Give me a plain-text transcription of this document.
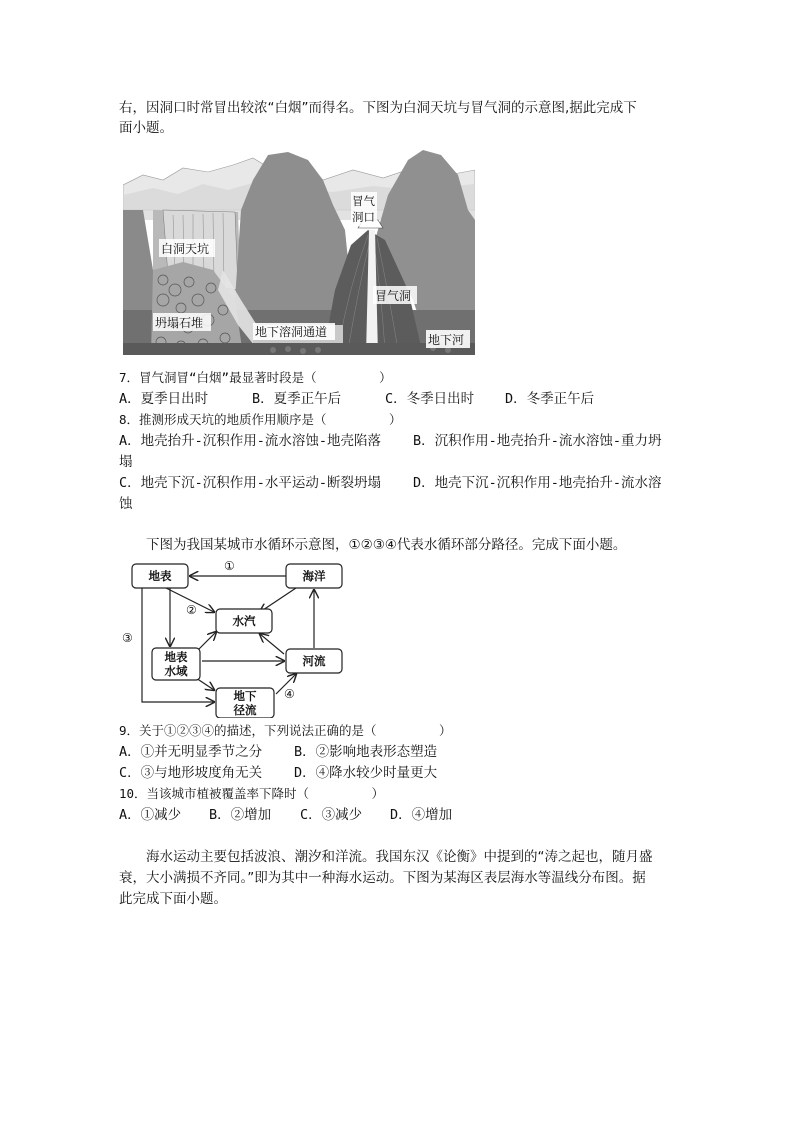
右，因洞口时常冒出较浓“白烟”而得名。下图为白洞天坑与冒气洞的示意图,据此完成下
面小题。
白洞天坑
冒气
洞口
冒气洞
坍塌石堆
地下溶洞通道
地下河
7．冒气洞冒“白烟”最显著时段是（　　　　　）
A．夏季日出时	B．夏季正午后	C．冬季日出时 D．冬季正午后
8．推测形成天坑的地质作用顺序是（　　　　　）
A．地壳抬升-沉积作用-流水溶蚀-地壳陷落 B．沉积作用-地壳抬升-流水溶蚀-重力坍
塌
C．地壳下沉-沉积作用-水平运动-断裂坍塌 D．地壳下沉-沉积作用-地壳抬升-流水溶
蚀
下图为我国某城市水循环示意图，①②③④代表水循环部分路径。完成下面小题。
地表	海洋
水汽
地表
水域
河流
地下
径流
①
②
③
④
9．关于①②③④的描述，下列说法正确的是（　　　　　）
A．①并无明显季节之分 B．②影响地表形态塑造
C．③与地形坡度角无关 D．④降水较少时量更大
10．当该城市植被覆盖率下降时（　　　　　）
A．①减少 B．②增加 C．③减少 D．④增加
海水运动主要包括波浪、潮汐和洋流。我国东汉《论衡》中提到的“涛之起也，随月盛
衰，大小满损不齐同。”即为其中一种海水运动。下图为某海区表层海水等温线分布图。据
此完成下面小题。
